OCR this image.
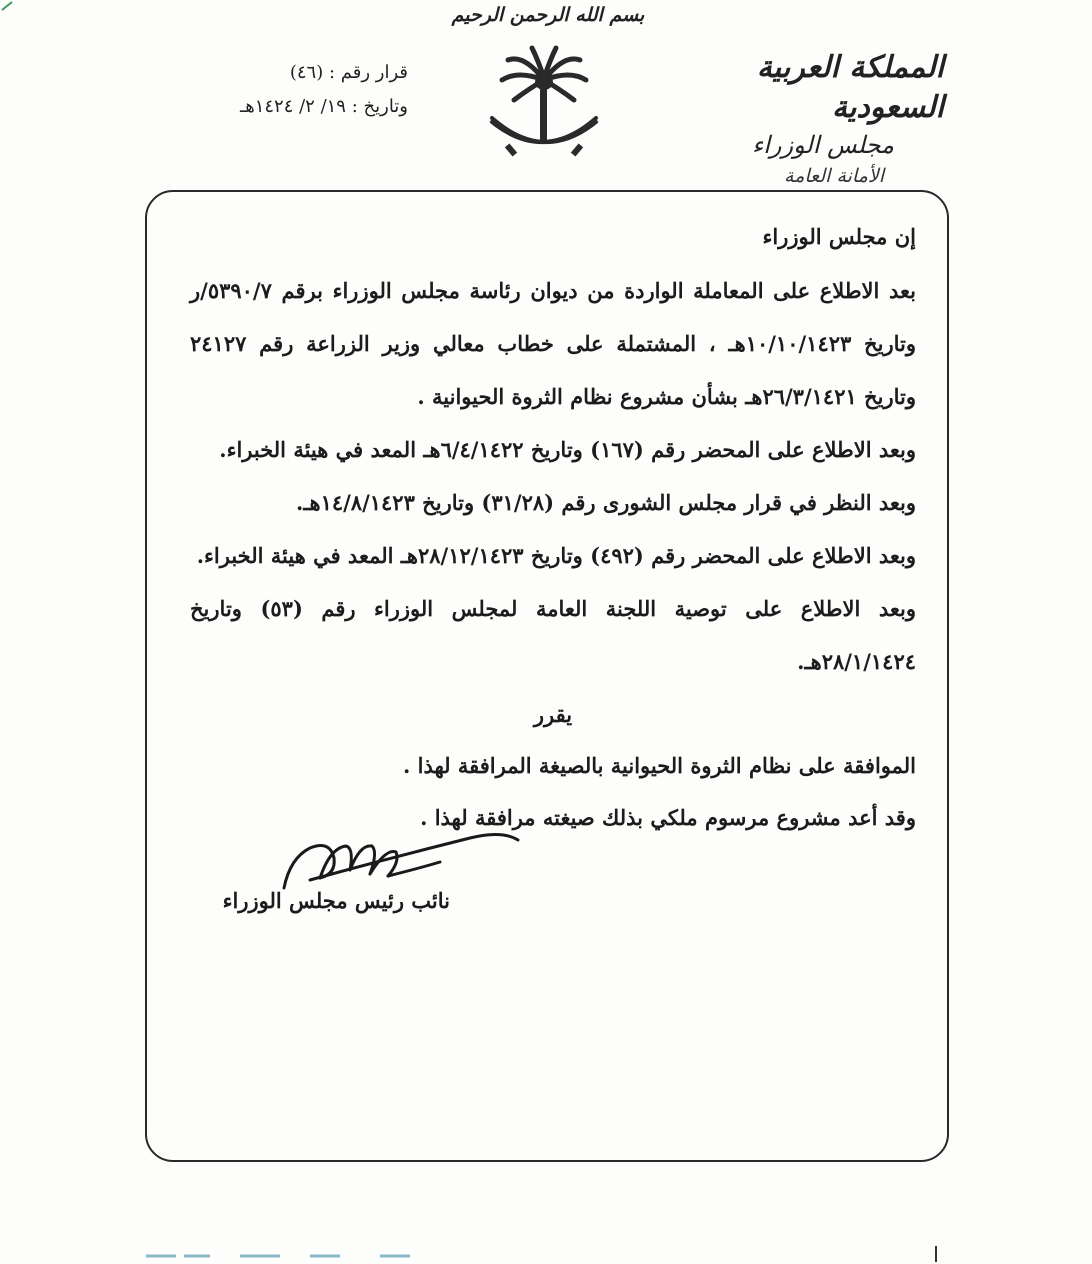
بسم الله الرحمن الرحيم
المملكة العربية السعودية
مجلس الوزراء
الأمانة العامة
قرار رقم : (٤٦)
وتاريخ : ١٩/ ٢/ ١٤٢٤هـ

إن مجلس الوزراء

بعد الاطلاع على المعاملة الواردة من ديوان رئاسة مجلس الوزراء برقم ٥٣٩٠/٧/ر وتاريخ ١٠/١٠/١٤٢٣هـ ، المشتملة على خطاب معالي وزير الزراعة رقم ٢٤١٢٧ وتاريخ ٢٦/٣/١٤٢١هـ بشأن مشروع نظام الثروة الحيوانية .

وبعد الاطلاع على المحضر رقم (١٦٧) وتاريخ ٦/٤/١٤٢٢هـ المعد في هيئة الخبراء.

وبعد النظر في قرار مجلس الشورى رقم (٣١/٢٨) وتاريخ ١٤/٨/١٤٢٣هـ.

وبعد الاطلاع على المحضر رقم (٤٩٢) وتاريخ ٢٨/١٢/١٤٢٣هـ المعد في هيئة الخبراء.

وبعد الاطلاع على توصية اللجنة العامة لمجلس الوزراء رقم (٥٣) وتاريخ ٢٨/١/١٤٢٤هـ.

يقرر

الموافقة على نظام الثروة الحيوانية بالصيغة المرافقة لهذا .

وقد أعد مشروع مرسوم ملكي بذلك صيغته مرافقة لهذا .

نائب رئيس مجلس الوزراء
